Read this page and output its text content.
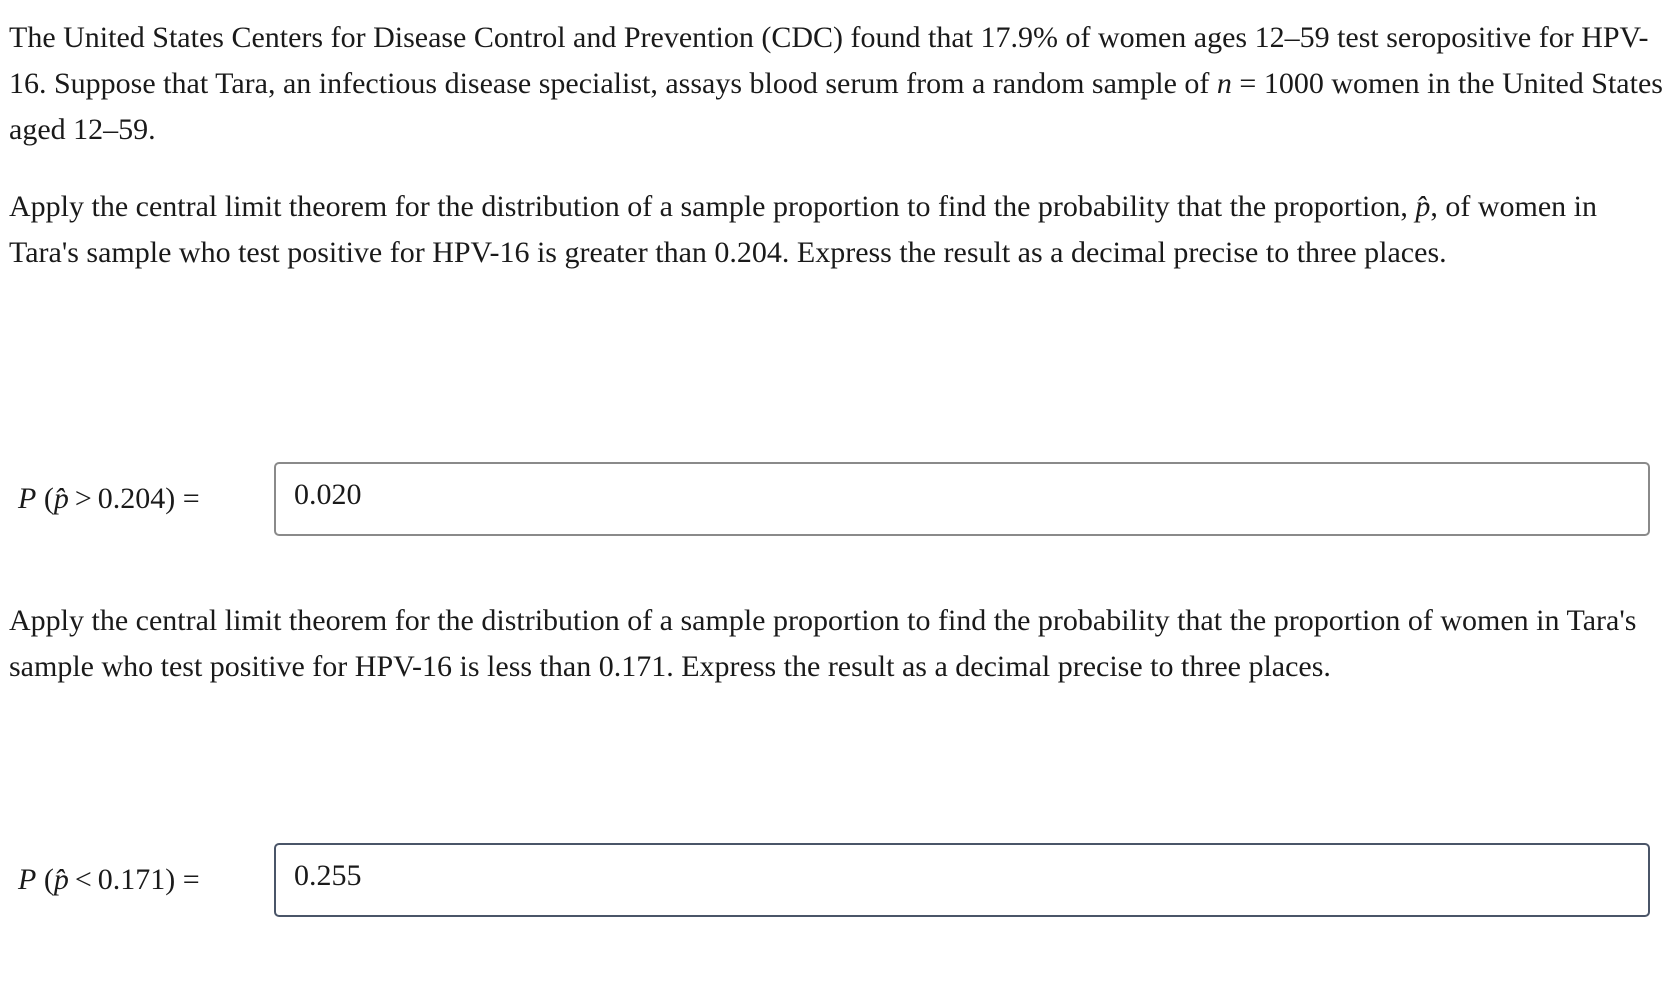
The United States Centers for Disease Control and Prevention (CDC) found that 17.9% of women ages 12–59 test seropositive for HPV-16. Suppose that Tara, an infectious disease specialist, assays blood serum from a random sample of n = 1000 women in the United States aged 12–59.

Apply the central limit theorem for the distribution of a sample proportion to find the probability that the proportion, p̂, of women in Tara's sample who test positive for HPV-16 is greater than 0.204. Express the result as a decimal precise to three places.

P (p̂ > 0.204) =
0.020

Apply the central limit theorem for the distribution of a sample proportion to find the probability that the proportion of women in Tara's sample who test positive for HPV-16 is less than 0.171. Express the result as a decimal precise to three places.

P (p̂ < 0.171) =
0.255
